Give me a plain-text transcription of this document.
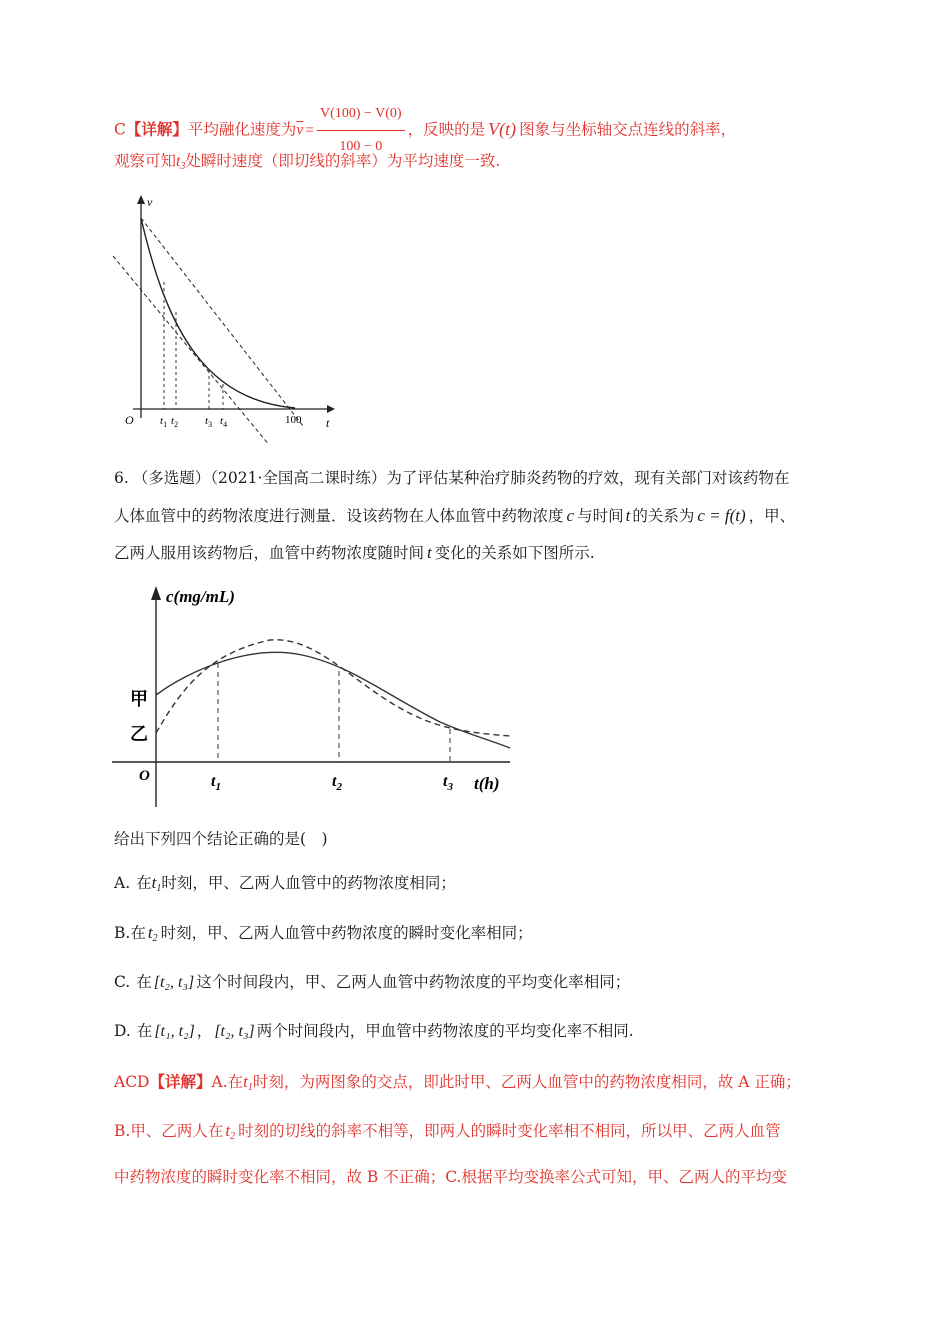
C【详解】平均融化速度为$\overline{v} = \frac{V(100) - V(0)}{100 - 0}$ ，反映的是 V(t) 图象与坐标轴交点连线的斜率，
观察可知$t_3$处瞬时速度（即切线的斜率）为平均速度一致.
v
t
O $t_1$ $t_2$ $t_3$ $t_4$	100
6. （多选题）（2021·全国高二课时练）为了评估某种治疗肺炎药物的疗效，现有关部门对该药物在
人体血管中的药物浓度进行测量．设该药物在人体血管中药物浓度 c 与时间 t 的关系为 c = f(t) ，甲、
乙两人服用该药物后，血管中药物浓度随时间 t 变化的关系如下图所示.
c(mg/mL)
O	t(h)
甲
乙
$t_1$	$t_2$	$t_3$
给出下列四个结论正确的是(　)
A. 在$t_1$时刻，甲、乙两人血管中的药物浓度相同；
B.在 $t_2$ 时刻，甲、乙两人血管中药物浓度的瞬时变化率相同；
C. 在 [t₂, t₃] 这个时间段内，甲、乙两人血管中药物浓度的平均变化率相同；
D. 在 [t₁, t₂] ， [t₂, t₃] 两个时间段内，甲血管中药物浓度的平均变化率不相同.
ACD【详解】A.在$t_1$时刻，为两图象的交点，即此时甲、乙两人血管中的药物浓度相同，故 A 正确；
B.甲、乙两人在 $t_2$ 时刻的切线的斜率不相等，即两人的瞬时变化率相不相同，所以甲、乙两人血管
中药物浓度的瞬时变化率不相同，故 B 不正确；C.根据平均变换率公式可知，甲、乙两人的平均变
